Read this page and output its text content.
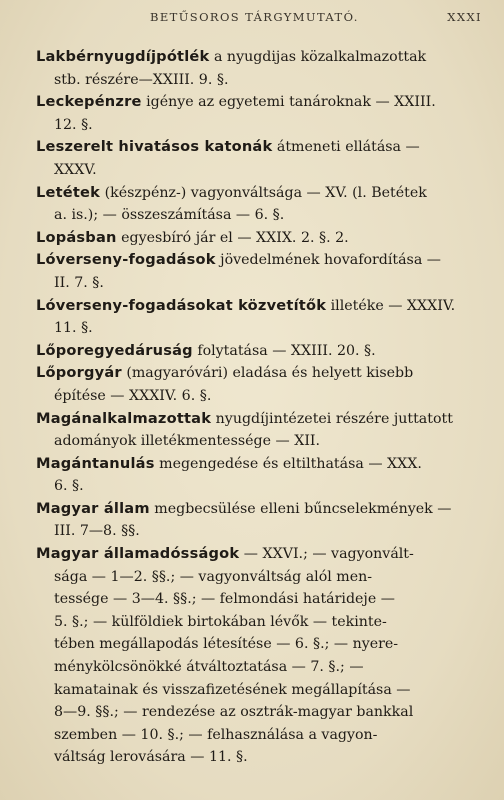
BETŰSOROS TÁRGYMUTATÓ.	XXXI
Lakbérnyugdíjpótlék a nyugdijas közalkalmazottak
stb. részére—XXIII. 9. §.
Leckepénzre igénye az egyetemi tanároknak — XXIII.
12. §.
Leszerelt hivatásos katonák átmeneti ellátása —
XXXV.
Letétek (készpénz-) vagyonváltsága — XV. (l. Betétek
a. is.); — összeszámítása — 6. §.
Lopásban egyesbíró jár el — XXIX. 2. §. 2.
Lóverseny-fogadások jövedelmének hovafordítása —
II. 7. §.
Lóverseny-fogadásokat közvetítők illetéke — XXXIV.
11. §.
Lőporegyedáruság folytatása — XXIII. 20. §.
Lőporgyár (magyaróvári) eladása és helyett kisebb
építése — XXXIV. 6. §.
Magánalkalmazottak nyugdíjintézetei részére juttatott
adományok illetékmentessége — XII.
Magántanulás megengedése és eltilthatása — XXX.
6. §.
Magyar állam megbecsülése elleni bűncselekmények —
III. 7—8. §§.
Magyar államadósságok — XXVI.; — vagyonvált-
sága — 1—2. §§.; — vagyonváltság alól men-
tessége — 3—4. §§.; — felmondási határideje —
5. §.; — külföldiek birtokában lévők — tekinte-
tében megállapodás létesítése — 6. §.; — nyere-
ménykölcsönökké átváltoztatása — 7. §.; —
kamatainak és visszafizetésének megállapítása —
8—9. §§.; — rendezése az osztrák-magyar bankkal
szemben — 10. §.; — felhasználása a vagyon-
váltság lerovására — 11. §.
